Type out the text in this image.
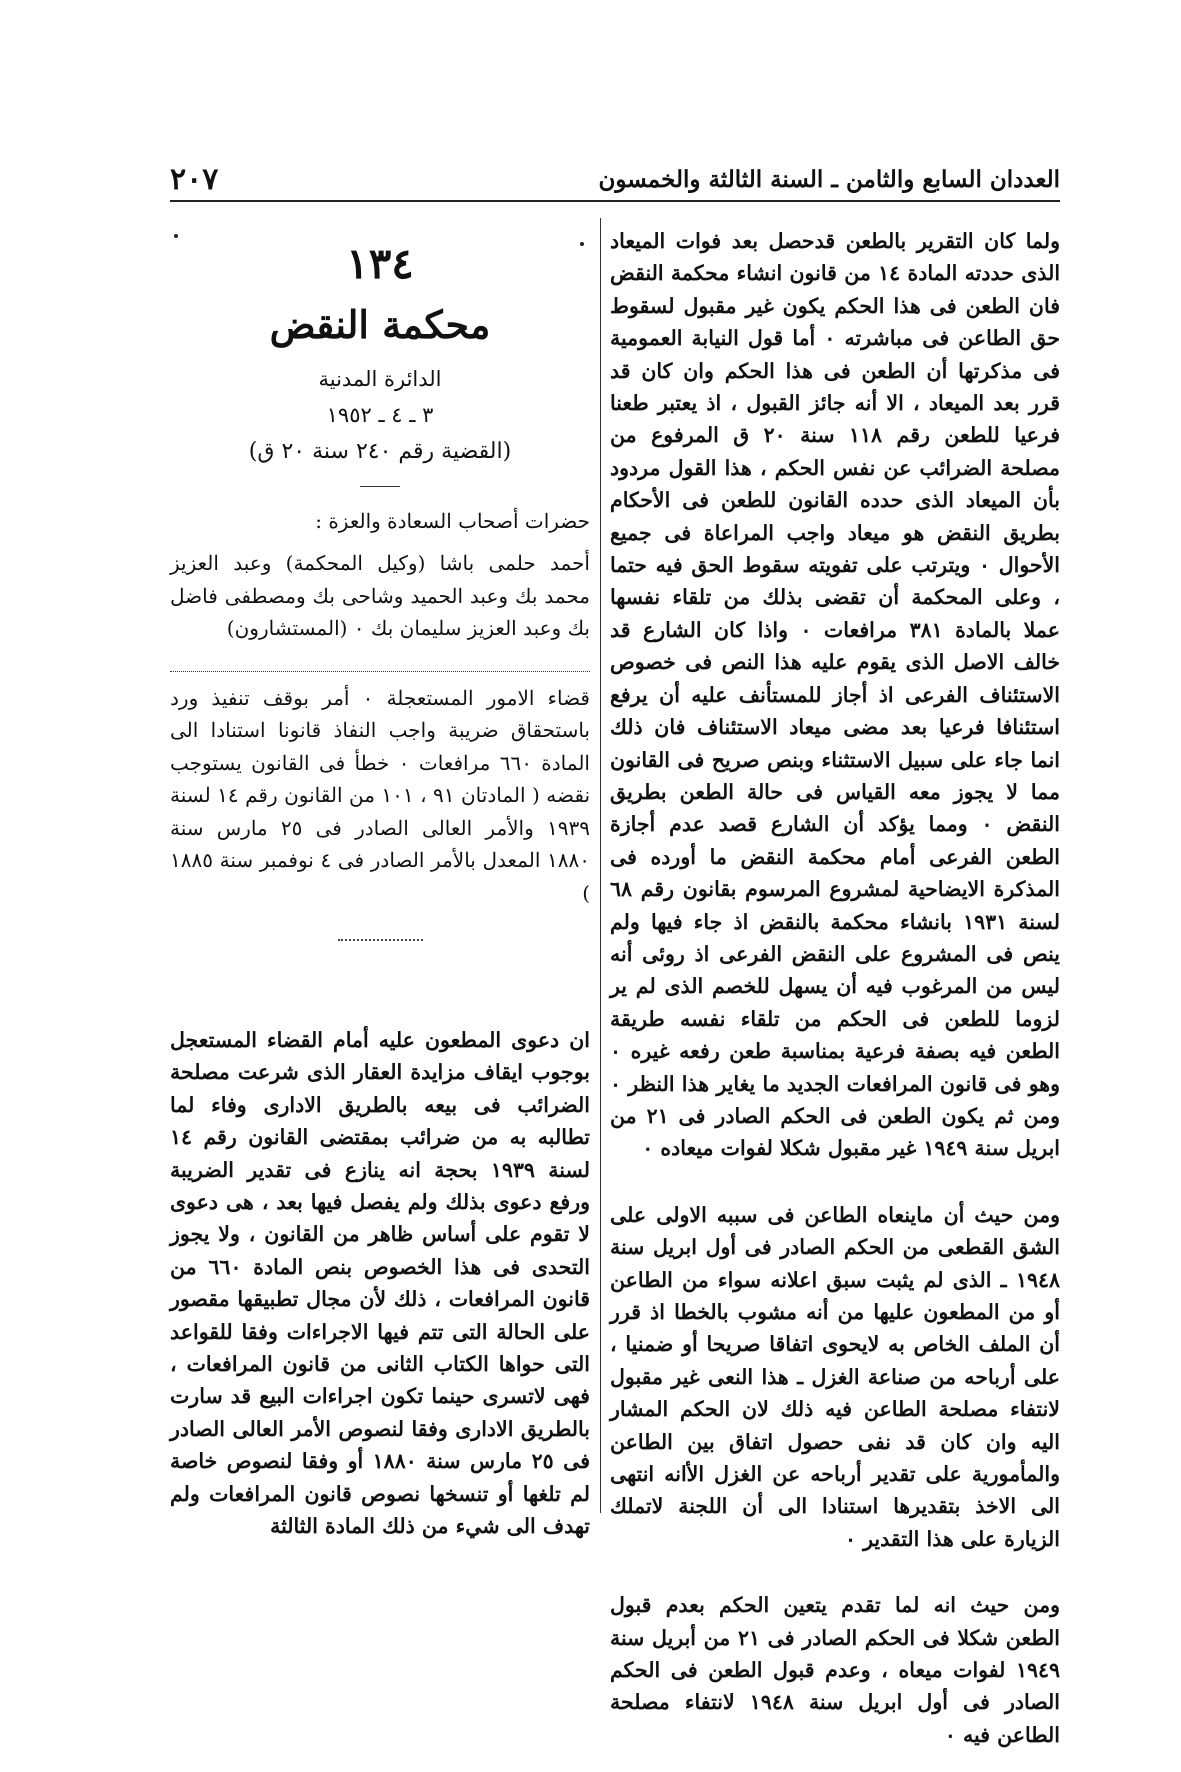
٢٠٧	العددان السابع والثامن ـ السنة الثالثة والخمسون

ولما كان التقرير بالطعن قدحصل بعد فوات الميعاد الذى حددته المادة ١٤ من قانون انشاء محكمة النقض فان الطعن فى هذا الحكم يكون غير مقبول لسقوط حق الطاعن فى مباشرته ٠ أما قول النيابة العمومية فى مذكرتها أن الطعن فى هذا الحكم وان كان قد قرر بعد الميعاد ، الا أنه جائز القبول ، اذ يعتبر طعنا فرعيا للطعن رقم ١١٨ سنة ٢٠ ق المرفوع من مصلحة الضرائب عن نفس الحكم ، هذا القول مردود بأن الميعاد الذى حدده القانون للطعن فى الأحكام بطريق النقض هو ميعاد واجب المراعاة فى جميع الأحوال ٠ ويترتب على تفويته سقوط الحق فيه حتما ، وعلى المحكمة أن تقضى بذلك من تلقاء نفسها عملا بالمادة ٣٨١ مرافعات ٠ واذا كان الشارع قد خالف الاصل الذى يقوم عليه هذا النص فى خصوص الاستئناف الفرعى اذ أجاز للمستأنف عليه أن يرفع استئنافا فرعيا بعد مضى ميعاد الاستئناف فان ذلك انما جاء على سبيل الاستثناء وبنص صريح فى القانون مما لا يجوز معه القياس فى حالة الطعن بطريق النقض ٠ ومما يؤكد أن الشارع قصد عدم أجازة الطعن الفرعى أمام محكمة النقض ما أورده فى المذكرة الايضاحية لمشروع المرسوم بقانون رقم ٦٨ لسنة ١٩٣١ بانشاء محكمة بالنقض اذ جاء فيها ولم ينص فى المشروع على النقض الفرعى اذ روئى أنه ليس من المرغوب فيه أن يسهل للخصم الذى لم ير لزوما للطعن فى الحكم من تلقاء نفسه طريقة الطعن فيه بصفة فرعية بمناسبة طعن رفعه غيره ٠ وهو فى قانون المرافعات الجديد ما يغاير هذا النظر ٠ ومن ثم يكون الطعن فى الحكم الصادر فى ٢١ من ابريل سنة ١٩٤٩ غير مقبول شكلا لفوات ميعاده ٠

ومن حيث أن ماينعاه الطاعن فى سببه الاولى على الشق القطعى من الحكم الصادر فى أول ابريل سنة ١٩٤٨ ـ الذى لم يثبت سبق اعلانه سواء من الطاعن أو من المطعون عليها من أنه مشوب بالخطا اذ قرر أن الملف الخاص به لايحوى اتفاقا صريحا أو ضمنيا ، على أرباحه من صناعة الغزل ـ هذا النعى غير مقبول لانتفاء مصلحة الطاعن فيه ذلك لان الحكم المشار اليه وان كان قد نفى حصول اتفاق بين الطاعن والمأمورية على تقدير أرباحه عن الغزل الأانه انتهى الى الاخذ بتقديرها استنادا الى أن اللجنة لاتملك الزيارة على هذا التقدير ٠

ومن حيث انه لما تقدم يتعين الحكم بعدم قبول الطعن شكلا فى الحكم الصادر فى ٢١ من أبريل سنة ١٩٤٩ لفوات ميعاه ، وعدم قبول الطعن فى الحكم الصادر فى أول ابريل سنة ١٩٤٨ لانتفاء مصلحة الطاعن فيه ٠

١٣٤
محكمة النقض
الدائرة المدنية
٣ ـ ٤ ـ ١٩٥٢
(القضية رقم ٢٤٠ سنة ٢٠ ق)

حضرات أصحاب السعادة والعزة :

أحمد حلمى باشا (وكيل المحكمة) وعبد العزيز محمد بك وعبد الحميد وشاحى بك ومصطفى فاضل بك وعبد العزيز سليمان بك ٠ (المستشارون)

قضاء الامور المستعجلة ٠ أمر بوقف تنفيذ ورد باستحقاق ضريبة واجب النفاذ قانونا استنادا الى المادة ٦٦٠ مرافعات ٠ خطأ فى القانون يستوجب نقضه ( المادتان ٩١ ، ١٠١ من القانون رقم ١٤ لسنة ١٩٣٩ والأمر العالى الصادر فى ٢٥ مارس سنة ١٨٨٠ المعدل بالأمر الصادر فى ٤ نوفمبر سنة ١٨٨٥ )

ان دعوى المطعون عليه أمام القضاء المستعجل بوجوب ايقاف مزايدة العقار الذى شرعت مصلحة الضرائب فى بيعه بالطريق الادارى وفاء لما تطالبه به من ضرائب بمقتضى القانون رقم ١٤ لسنة ١٩٣٩ بحجة انه ينازع فى تقدير الضريبة ورفع دعوى بذلك ولم يفصل فيها بعد ، هى دعوى لا تقوم على أساس ظاهر من القانون ، ولا يجوز التحدى فى هذا الخصوص بنص المادة ٦٦٠ من قانون المرافعات ، ذلك لأن مجال تطبيقها مقصور على الحالة التى تتم فيها الاجراءات وفقا للقواعد التى حواها الكتاب الثانى من قانون المرافعات ، فهى لاتسرى حينما تكون اجراءات البيع قد سارت بالطريق الادارى وفقا لنصوص الأمر العالى الصادر فى ٢٥ مارس سنة ١٨٨٠ أو وفقا لنصوص خاصة لم تلغها أو تنسخها نصوص قانون المرافعات ولم تهدف الى شيء من ذلك المادة الثالثة
